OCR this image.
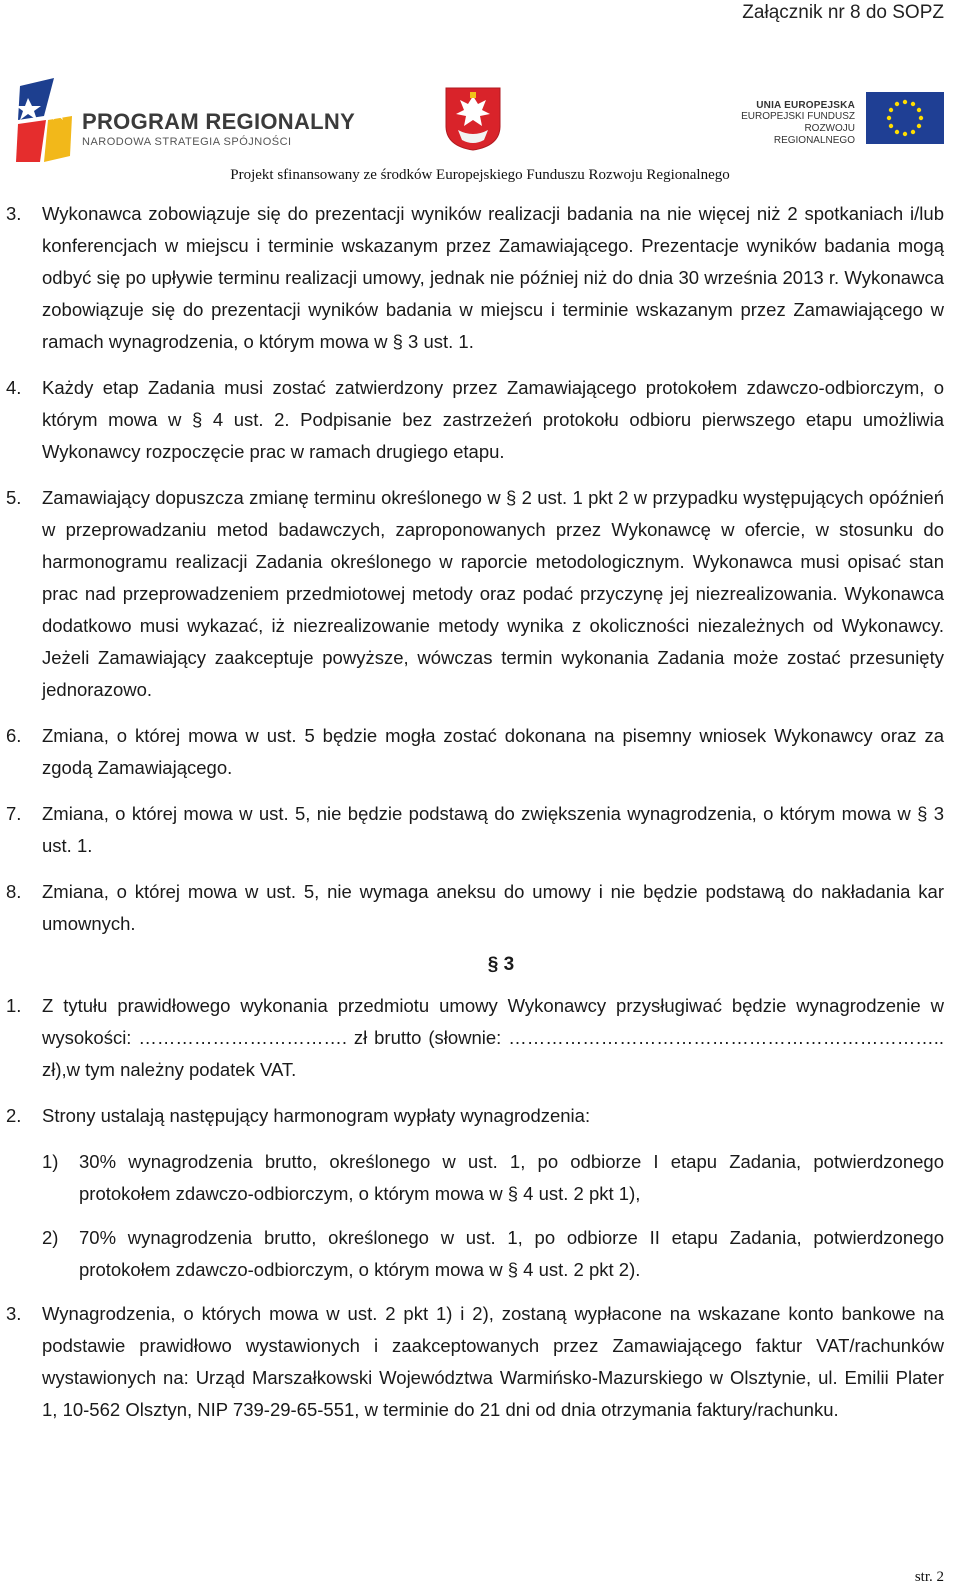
Załącznik nr 8 do SOPZ
PROGRAM REGIONALNY
NARODOWA STRATEGIA SPÓJNOŚCI
UNIA EUROPEJSKA
EUROPEJSKI FUNDUSZ
ROZWOJU REGIONALNEGO
Projekt sfinansowany ze środków Europejskiego Funduszu Rozwoju Regionalnego
3. Wykonawca zobowiązuje się do prezentacji wyników realizacji badania na nie więcej niż 2 spotkaniach i/lub konferencjach w miejscu i terminie wskazanym przez Zamawiającego. Prezentacje wyników badania mogą odbyć się po upływie terminu realizacji umowy, jednak nie później niż do dnia 30 września 2013 r. Wykonawca zobowiązuje się do prezentacji wyników badania w miejscu i terminie wskazanym przez Zamawiającego w ramach wynagrodzenia, o którym mowa w § 3 ust. 1.
4. Każdy etap Zadania musi zostać zatwierdzony przez Zamawiającego protokołem zdawczo-odbiorczym, o którym mowa w § 4 ust. 2. Podpisanie bez zastrzeżeń protokołu odbioru pierwszego etapu umożliwia Wykonawcy rozpoczęcie prac w ramach drugiego etapu.
5. Zamawiający dopuszcza zmianę terminu określonego w § 2 ust. 1 pkt 2 w przypadku występujących opóźnień w przeprowadzaniu metod badawczych, zaproponowanych przez Wykonawcę w ofercie, w stosunku do harmonogramu realizacji Zadania określonego w raporcie metodologicznym. Wykonawca musi opisać stan prac nad przeprowadzeniem przedmiotowej metody oraz podać przyczynę jej niezrealizowania. Wykonawca dodatkowo musi wykazać, iż niezrealizowanie metody wynika z okoliczności niezależnych od Wykonawcy. Jeżeli Zamawiający zaakceptuje powyższe, wówczas termin wykonania Zadania może zostać przesunięty jednorazowo.
6. Zmiana, o której mowa w ust. 5 będzie mogła zostać dokonana na pisemny wniosek Wykonawcy oraz za zgodą Zamawiającego.
7. Zmiana, o której mowa w ust. 5, nie będzie podstawą do zwiększenia wynagrodzenia, o którym mowa w § 3 ust. 1.
8. Zmiana, o której mowa w ust. 5, nie wymaga aneksu do umowy i nie będzie podstawą do nakładania kar umownych.
§ 3
1. Z tytułu prawidłowego wykonania przedmiotu umowy Wykonawcy przysługiwać będzie wynagrodzenie w wysokości: ……………………………. zł brutto (słownie: …………………………………………………………….. zł),w tym należny podatek VAT.
2. Strony ustalają następujący harmonogram wypłaty wynagrodzenia:
1) 30% wynagrodzenia brutto, określonego w ust. 1, po odbiorze I etapu Zadania, potwierdzonego protokołem zdawczo-odbiorczym, o którym mowa w § 4 ust. 2 pkt 1),
2) 70% wynagrodzenia brutto, określonego w ust. 1, po odbiorze II etapu Zadania, potwierdzonego protokołem zdawczo-odbiorczym, o którym mowa w § 4 ust. 2 pkt 2).
3. Wynagrodzenia, o których mowa w ust. 2 pkt 1) i 2), zostaną wypłacone na wskazane konto bankowe na podstawie prawidłowo wystawionych i zaakceptowanych przez Zamawiającego faktur VAT/rachunków wystawionych na: Urząd Marszałkowski Województwa Warmińsko-Mazurskiego w Olsztynie, ul. Emilii Plater 1, 10-562 Olsztyn, NIP 739-29-65-551, w terminie do 21 dni od dnia otrzymania faktury/rachunku.
str. 2
